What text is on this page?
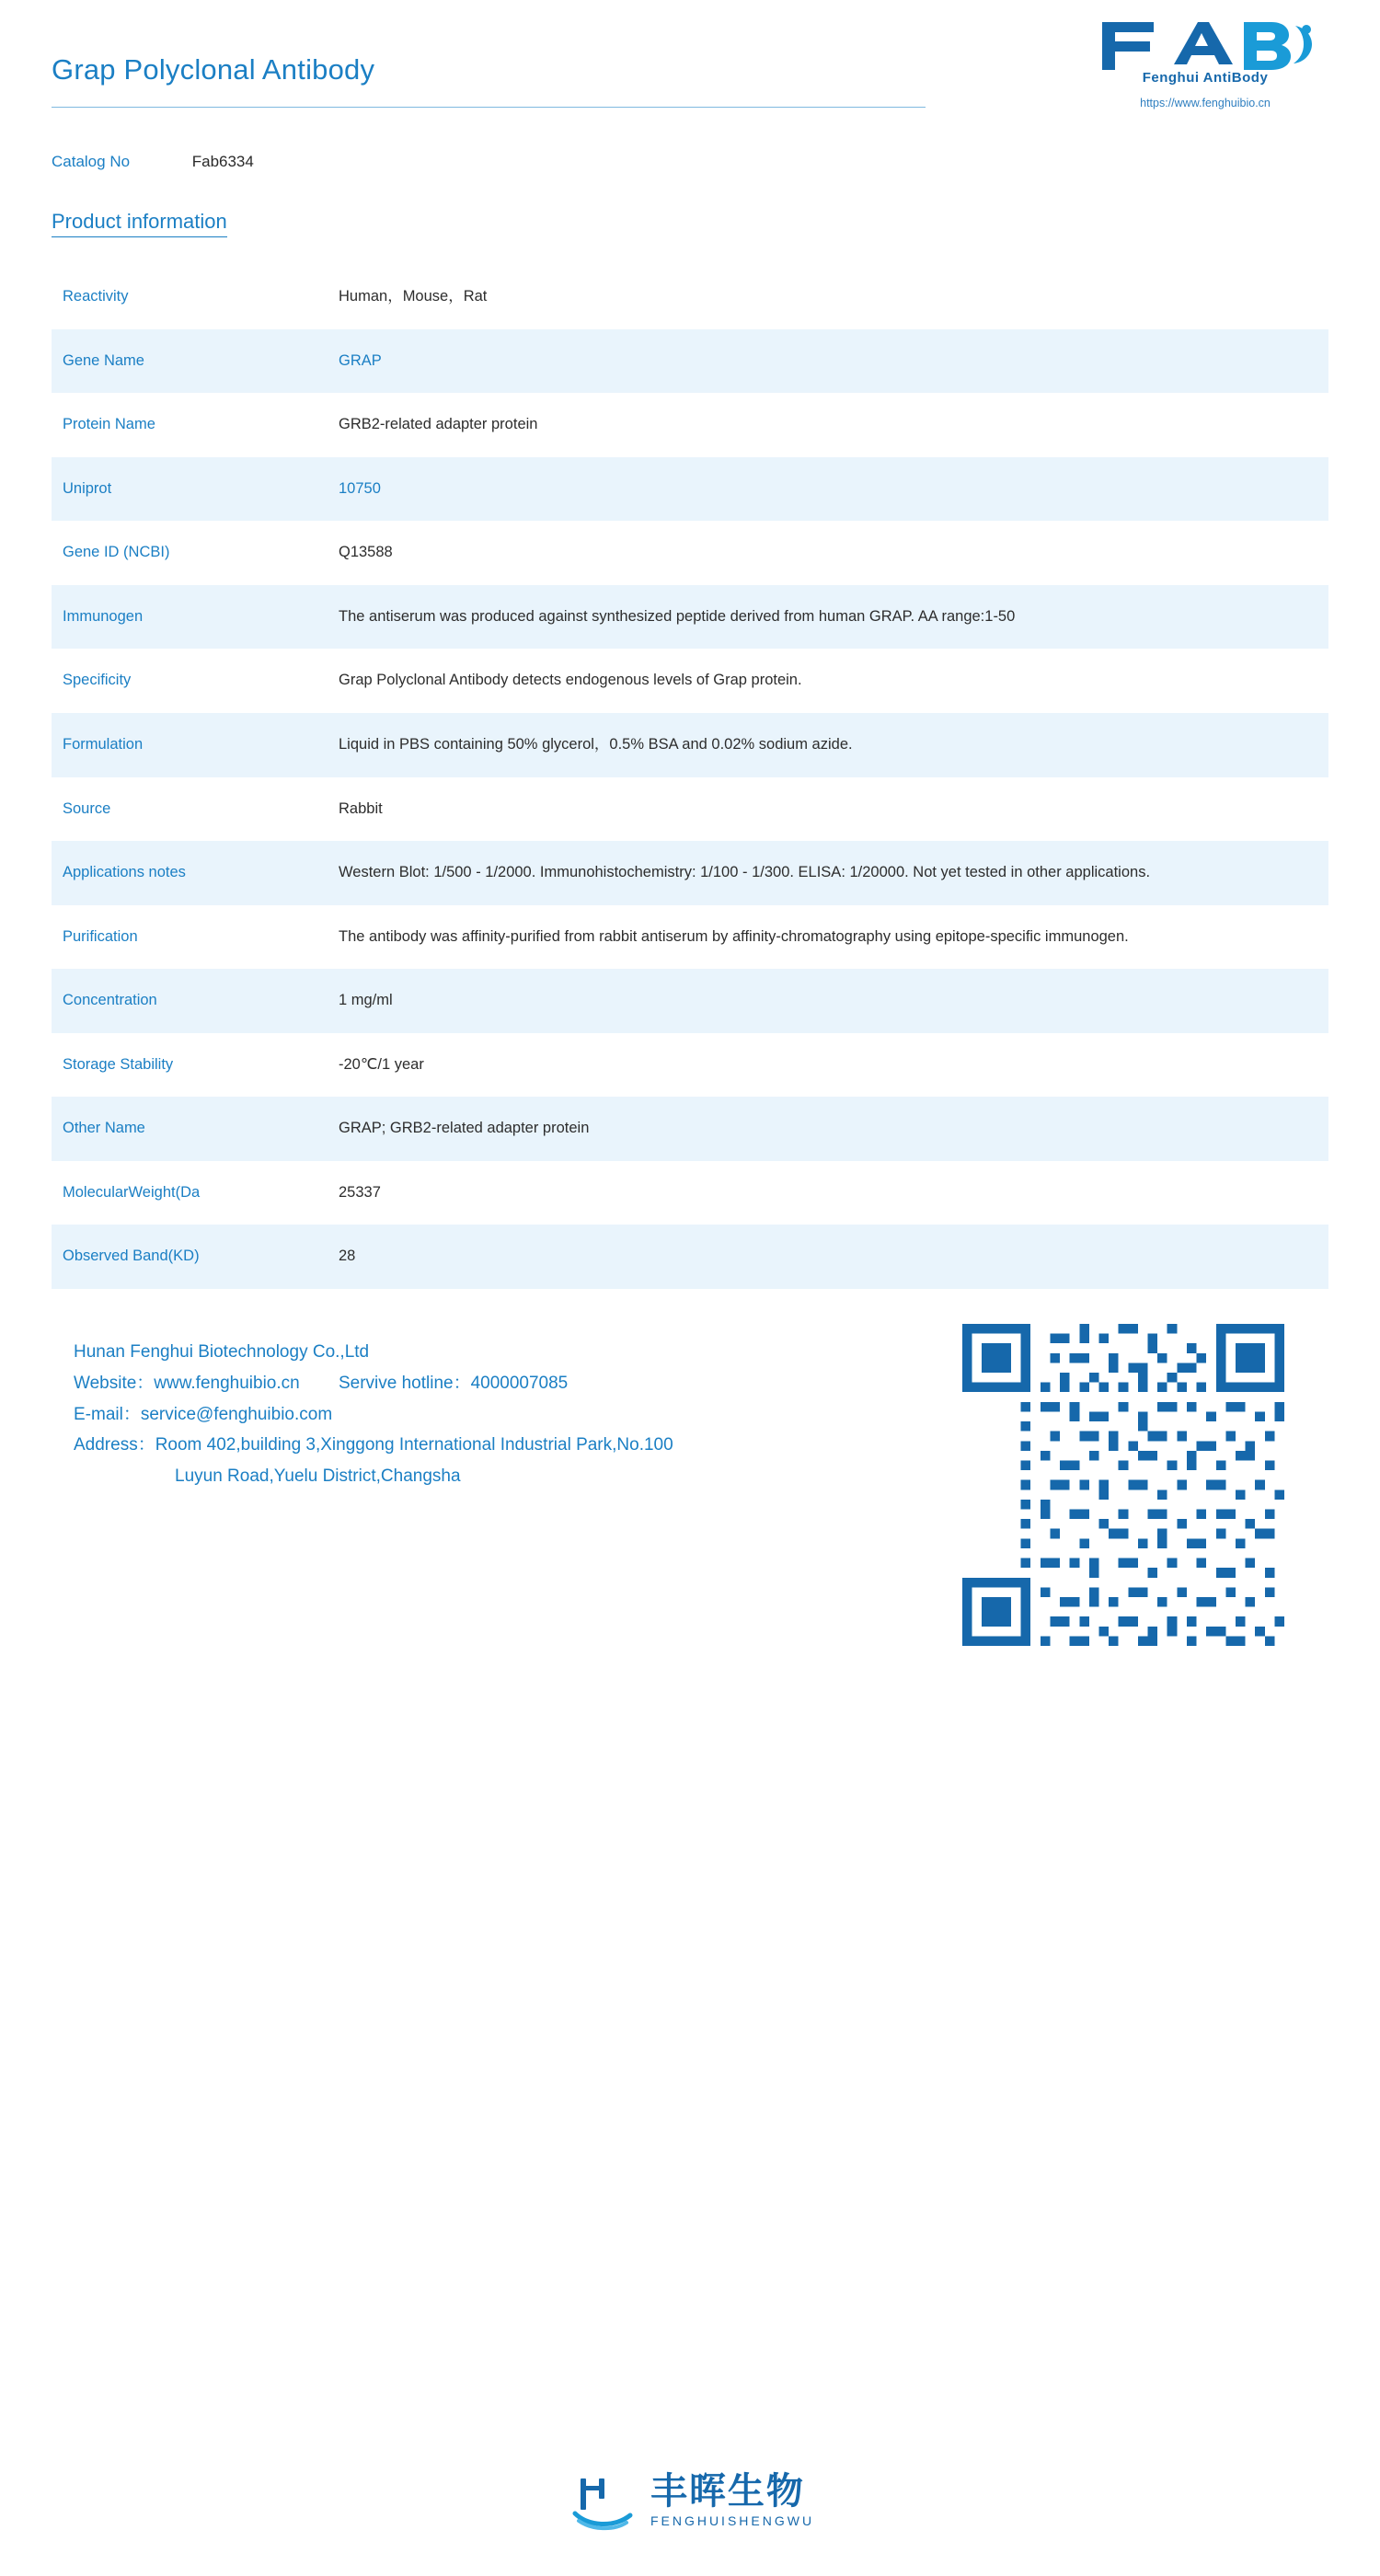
Grap Polyclonal Antibody	Fenghui AntiBody
https://www.fenghuibio.cn
Catalog No	Fab6334
Product information
Reactivity	Human，Mouse，Rat
Gene Name	GRAP
Protein Name	GRB2-related adapter protein
Uniprot	10750
Gene ID (NCBI)	Q13588
Immunogen	The antiserum was produced against synthesized peptide derived from human GRAP. AA range:1-50
Specificity	Grap Polyclonal Antibody detects endogenous levels of Grap protein.
Formulation	Liquid in PBS containing 50% glycerol，0.5% BSA and 0.02% sodium azide.
Source	Rabbit
Applications notes	Western Blot: 1/500 - 1/2000. Immunohistochemistry: 1/100 - 1/300. ELISA: 1/20000. Not yet tested in other applications.
Purification	The antibody was affinity-purified from rabbit antiserum by affinity-chromatography using epitope-specific immunogen.
Concentration	1 mg/ml
Storage Stability	-20℃/1 year
Other Name	GRAP; GRB2-related adapter protein
MolecularWeight(Da	25337
Observed Band(KD)	28
Hunan Fenghui Biotechnology Co.,Ltd
Website：www.fenghuibio.cn        Servive hotline：4000007085
E-mail：service@fenghuibio.com
Address：Room 402,building 3,Xinggong International Industrial Park,No.100
Luyun Road,Yuelu District,Changsha
丰晖生物
FENGHUISHENGWU
